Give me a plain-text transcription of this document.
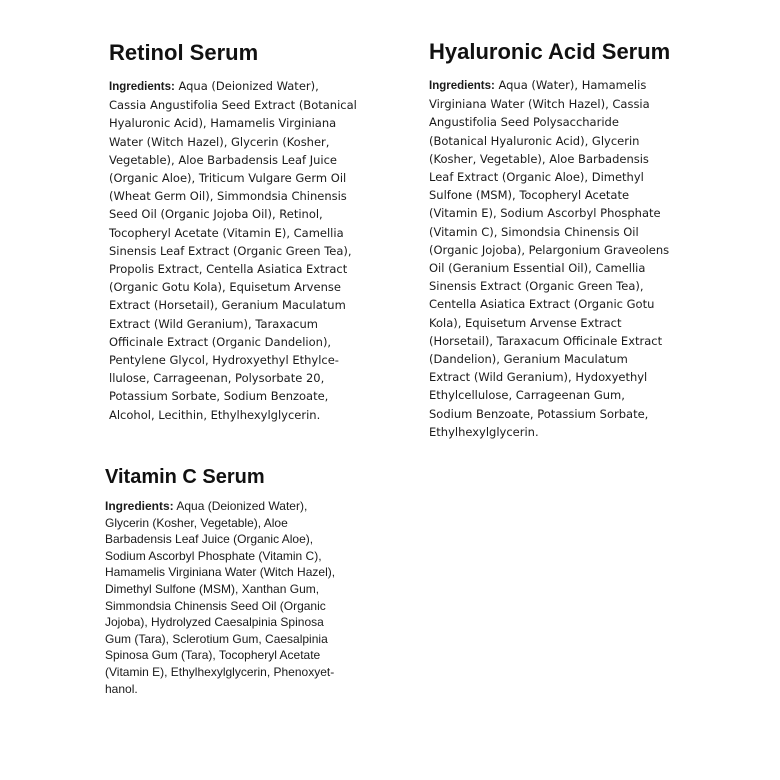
Retinol Serum

Ingredients: Aqua (Deionized Water),
Cassia Angustifolia Seed Extract (Botanical
Hyaluronic Acid), Hamamelis Virginiana
Water (Witch Hazel), Glycerin (Kosher,
Vegetable), Aloe Barbadensis Leaf Juice
(Organic Aloe), Triticum Vulgare Germ Oil
(Wheat Germ Oil), Simmondsia Chinensis
Seed Oil (Organic Jojoba Oil), Retinol,
Tocopheryl Acetate (Vitamin E), Camellia
Sinensis Leaf Extract (Organic Green Tea),
Propolis Extract, Centella Asiatica Extract
(Organic Gotu Kola), Equisetum Arvense
Extract (Horsetail), Geranium Maculatum
Extract (Wild Geranium), Taraxacum
Officinale Extract (Organic Dandelion),
Pentylene Glycol, Hydroxyethyl Ethylce-
llulose, Carrageenan, Polysorbate 20,
Potassium Sorbate, Sodium Benzoate,
Alcohol, Lecithin, Ethylhexylglycerin.

Hyaluronic Acid Serum

Ingredients: Aqua (Water), Hamamelis
Virginiana Water (Witch Hazel), Cassia
Angustifolia Seed Polysaccharide
(Botanical Hyaluronic Acid), Glycerin
(Kosher, Vegetable), Aloe Barbadensis
Leaf Extract (Organic Aloe), Dimethyl
Sulfone (MSM), Tocopheryl Acetate
(Vitamin E), Sodium Ascorbyl Phosphate
(Vitamin C), Simondsia Chinensis Oil
(Organic Jojoba), Pelargonium Graveolens
Oil (Geranium Essential Oil), Camellia
Sinensis Extract (Organic Green Tea),
Centella Asiatica Extract (Organic Gotu
Kola), Equisetum Arvense Extract
(Horsetail), Taraxacum Officinale Extract
(Dandelion), Geranium Maculatum
Extract (Wild Geranium), Hydoxyethyl
Ethylcellulose, Carrageenan Gum,
Sodium Benzoate, Potassium Sorbate,
Ethylhexylglycerin.

Vitamin C Serum

Ingredients: Aqua (Deionized Water),
Glycerin (Kosher, Vegetable), Aloe
Barbadensis Leaf Juice (Organic Aloe),
Sodium Ascorbyl Phosphate (Vitamin C),
Hamamelis Virginiana Water (Witch Hazel),
Dimethyl Sulfone (MSM), Xanthan Gum,
Simmondsia Chinensis Seed Oil (Organic
Jojoba), Hydrolyzed Caesalpinia Spinosa
Gum (Tara), Sclerotium Gum, Caesalpinia
Spinosa Gum (Tara), Tocopheryl Acetate
(Vitamin E), Ethylhexylglycerin, Phenoxyet-
hanol.
